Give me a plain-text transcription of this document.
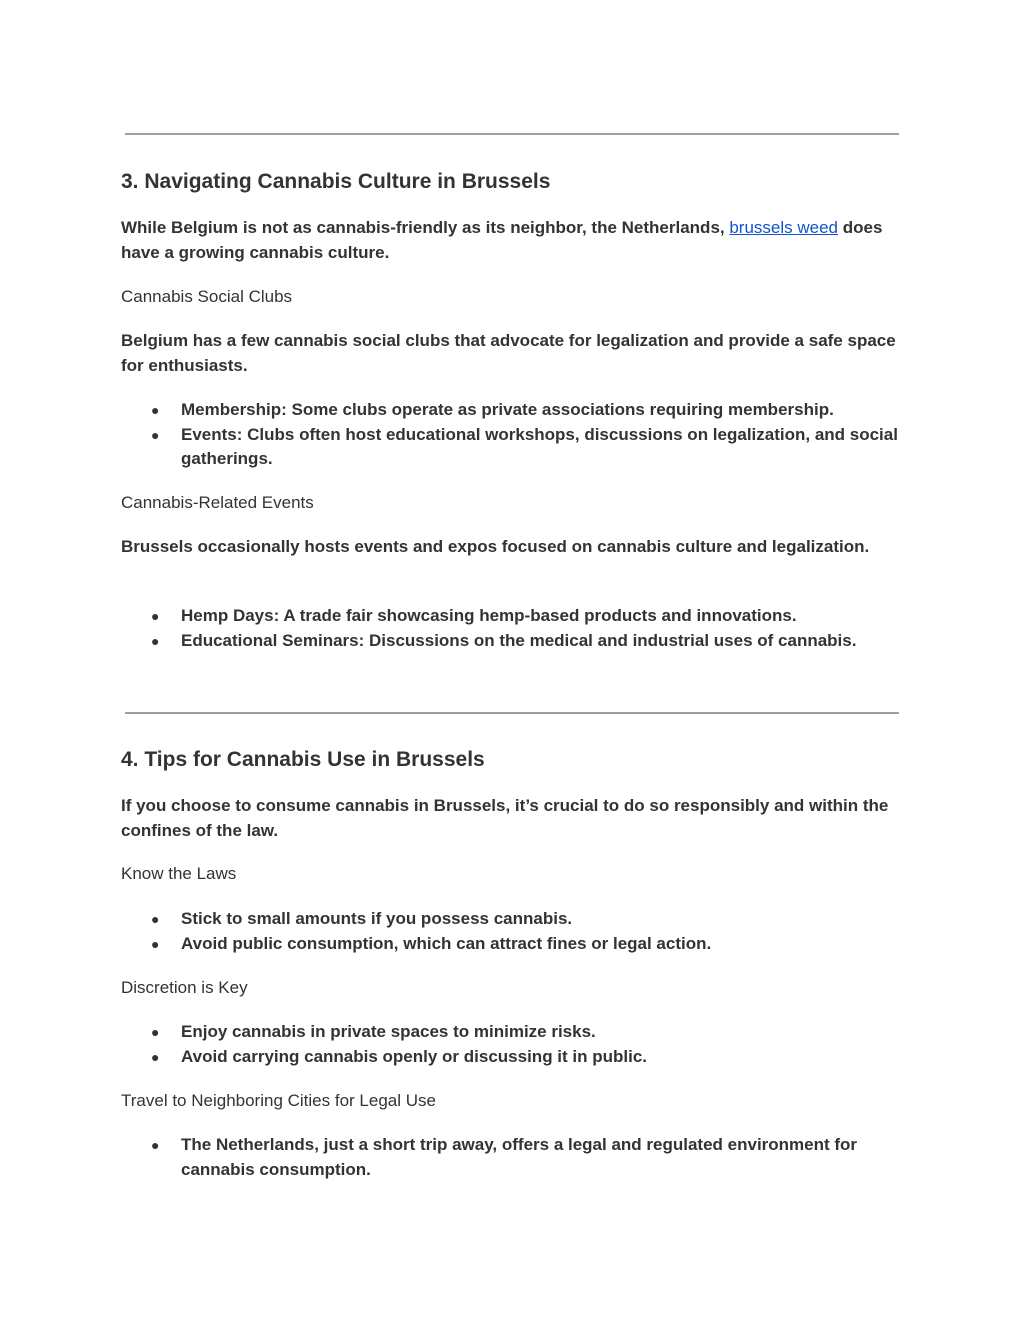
3. Navigating Cannabis Culture in Brussels

While Belgium is not as cannabis-friendly as its neighbor, the Netherlands, brussels weed does have a growing cannabis culture.

Cannabis Social Clubs

Belgium has a few cannabis social clubs that advocate for legalization and provide a safe space for enthusiasts.

● Membership: Some clubs operate as private associations requiring membership.
● Events: Clubs often host educational workshops, discussions on legalization, and social gatherings.

Cannabis-Related Events

Brussels occasionally hosts events and expos focused on cannabis culture and legalization.

● Hemp Days: A trade fair showcasing hemp-based products and innovations.
● Educational Seminars: Discussions on the medical and industrial uses of cannabis.
4. Tips for Cannabis Use in Brussels

If you choose to consume cannabis in Brussels, it’s crucial to do so responsibly and within the confines of the law.

Know the Laws

● Stick to small amounts if you possess cannabis.
● Avoid public consumption, which can attract fines or legal action.

Discretion is Key

● Enjoy cannabis in private spaces to minimize risks.
● Avoid carrying cannabis openly or discussing it in public.

Travel to Neighboring Cities for Legal Use

● The Netherlands, just a short trip away, offers a legal and regulated environment for cannabis consumption.
